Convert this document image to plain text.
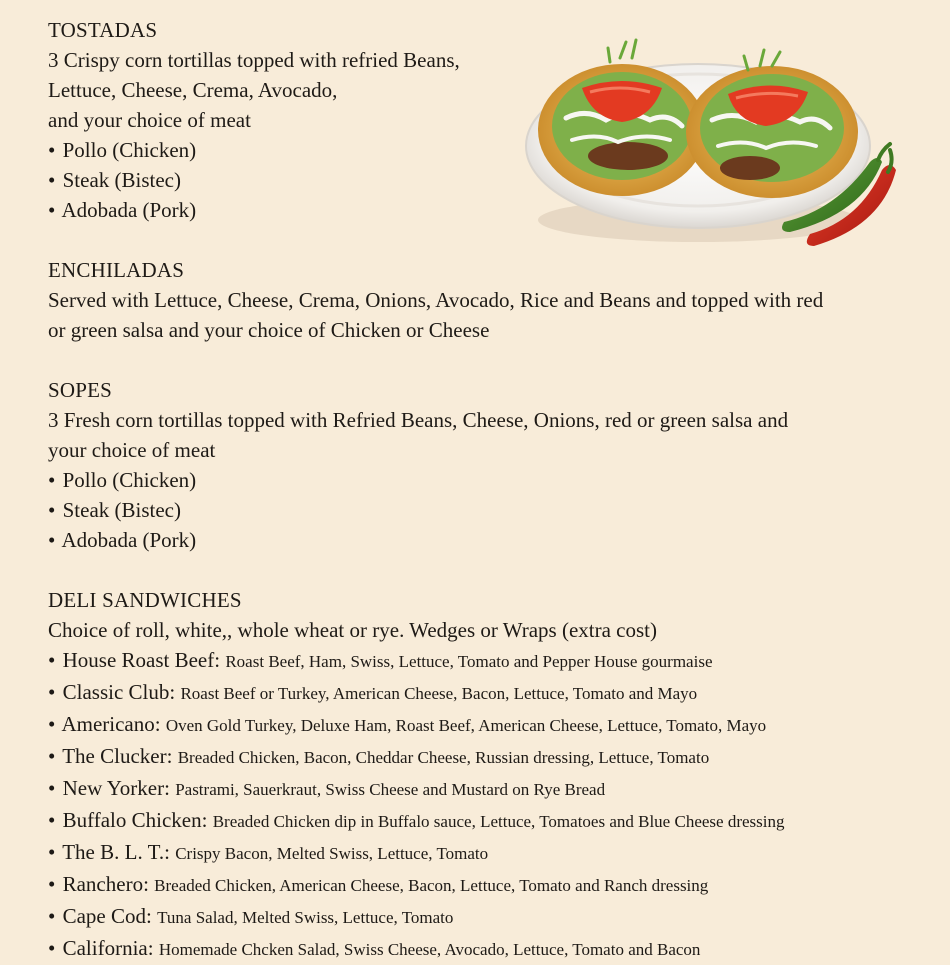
TOSTADAS
3 Crispy corn tortillas topped with refried Beans,
Lettuce, Cheese, Crema, Avocado,
and your choice of meat
• Pollo (Chicken)
• Steak (Bistec)
• Adobada (Pork)
ENCHILADAS
Served with Lettuce, Cheese, Crema, Onions, Avocado, Rice and Beans and topped with red
or green salsa and your choice of Chicken or Cheese
SOPES
3 Fresh corn tortillas topped with Refried Beans, Cheese, Onions, red or green salsa and
your choice of meat
• Pollo (Chicken)
• Steak (Bistec)
• Adobada (Pork)
DELI SANDWICHES
Choice of roll, white,, whole wheat or rye. Wedges or Wraps (extra cost)
• House Roast Beef: Roast Beef, Ham, Swiss, Lettuce, Tomato and Pepper House gourmaise
• Classic Club: Roast Beef or Turkey, American Cheese, Bacon, Lettuce, Tomato and Mayo
• Americano: Oven Gold Turkey, Deluxe Ham, Roast Beef, American Cheese, Lettuce, Tomato, Mayo
• The Clucker: Breaded Chicken, Bacon, Cheddar Cheese, Russian dressing, Lettuce, Tomato
• New Yorker: Pastrami, Sauerkraut, Swiss Cheese and Mustard on Rye Bread
• Buffalo Chicken: Breaded Chicken dip in Buffalo sauce, Lettuce, Tomatoes and Blue Cheese dressing
• The B. L. T.: Crispy Bacon, Melted Swiss, Lettuce, Tomato
• Ranchero: Breaded Chicken, American Cheese, Bacon, Lettuce, Tomato and Ranch dressing
• Cape Cod: Tuna Salad, Melted Swiss, Lettuce, Tomato
• California: Homemade Chcken Salad, Swiss Cheese, Avocado, Lettuce, Tomato and Bacon
